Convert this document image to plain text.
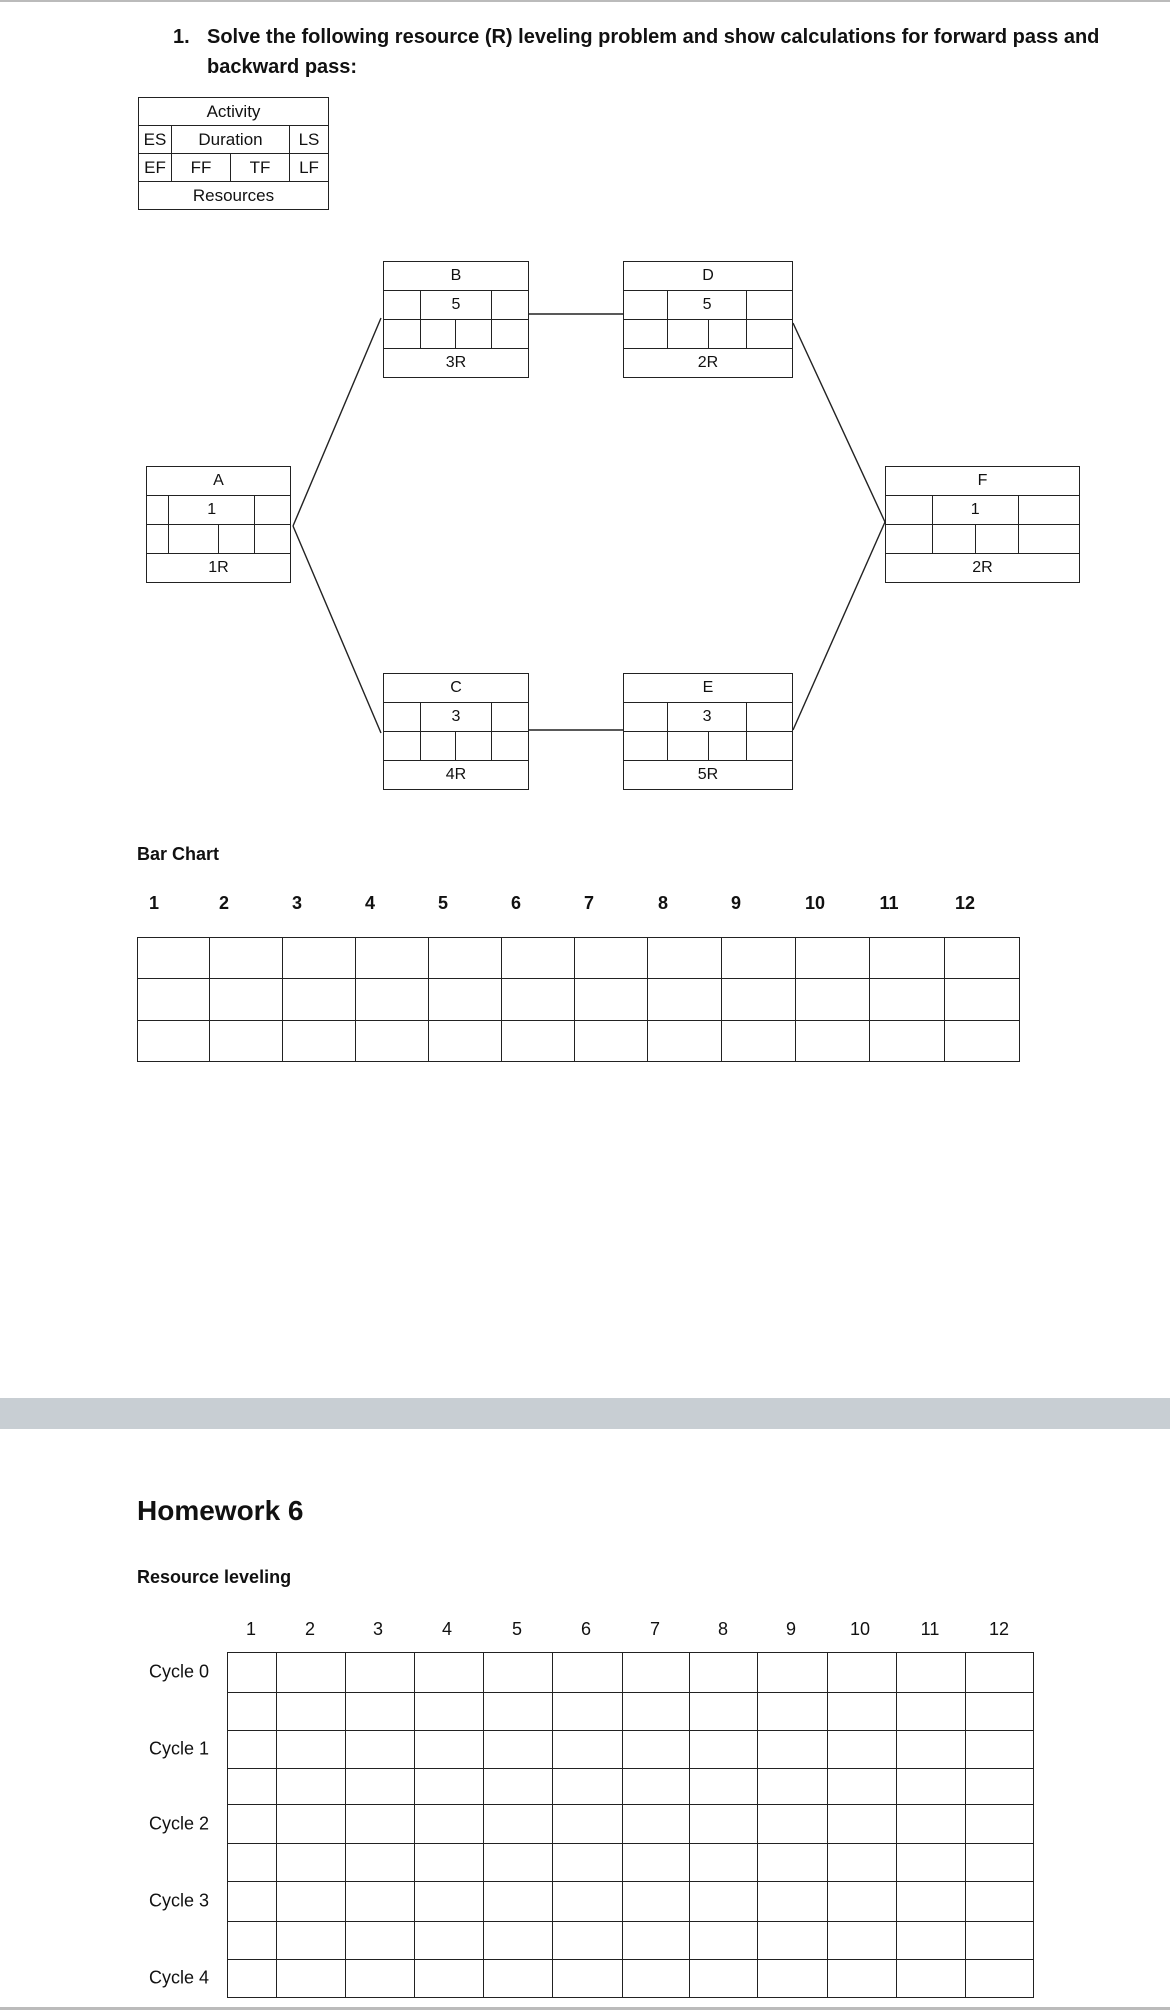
1. Solve the following resource (R) leveling problem and show calculations for forward pass and backward pass:
Activity			
ES	Duration		LS
EF	FF	TF	LF
Resources			
A			
	1		

1R			
B			
	5		

3R			
C			
	3		

4R			
D			
	5		

2R			
E			
	3		

5R			
F			
	1		

2R			
Bar Chart
1	2	3	4	5	6	7	8	9	10	11	12
Homework 6
Resource leveling
1	2	3	4	5	6	7	8	9	10	11	12
Cycle 0
Cycle 1
Cycle 2
Cycle 3
Cycle 4
